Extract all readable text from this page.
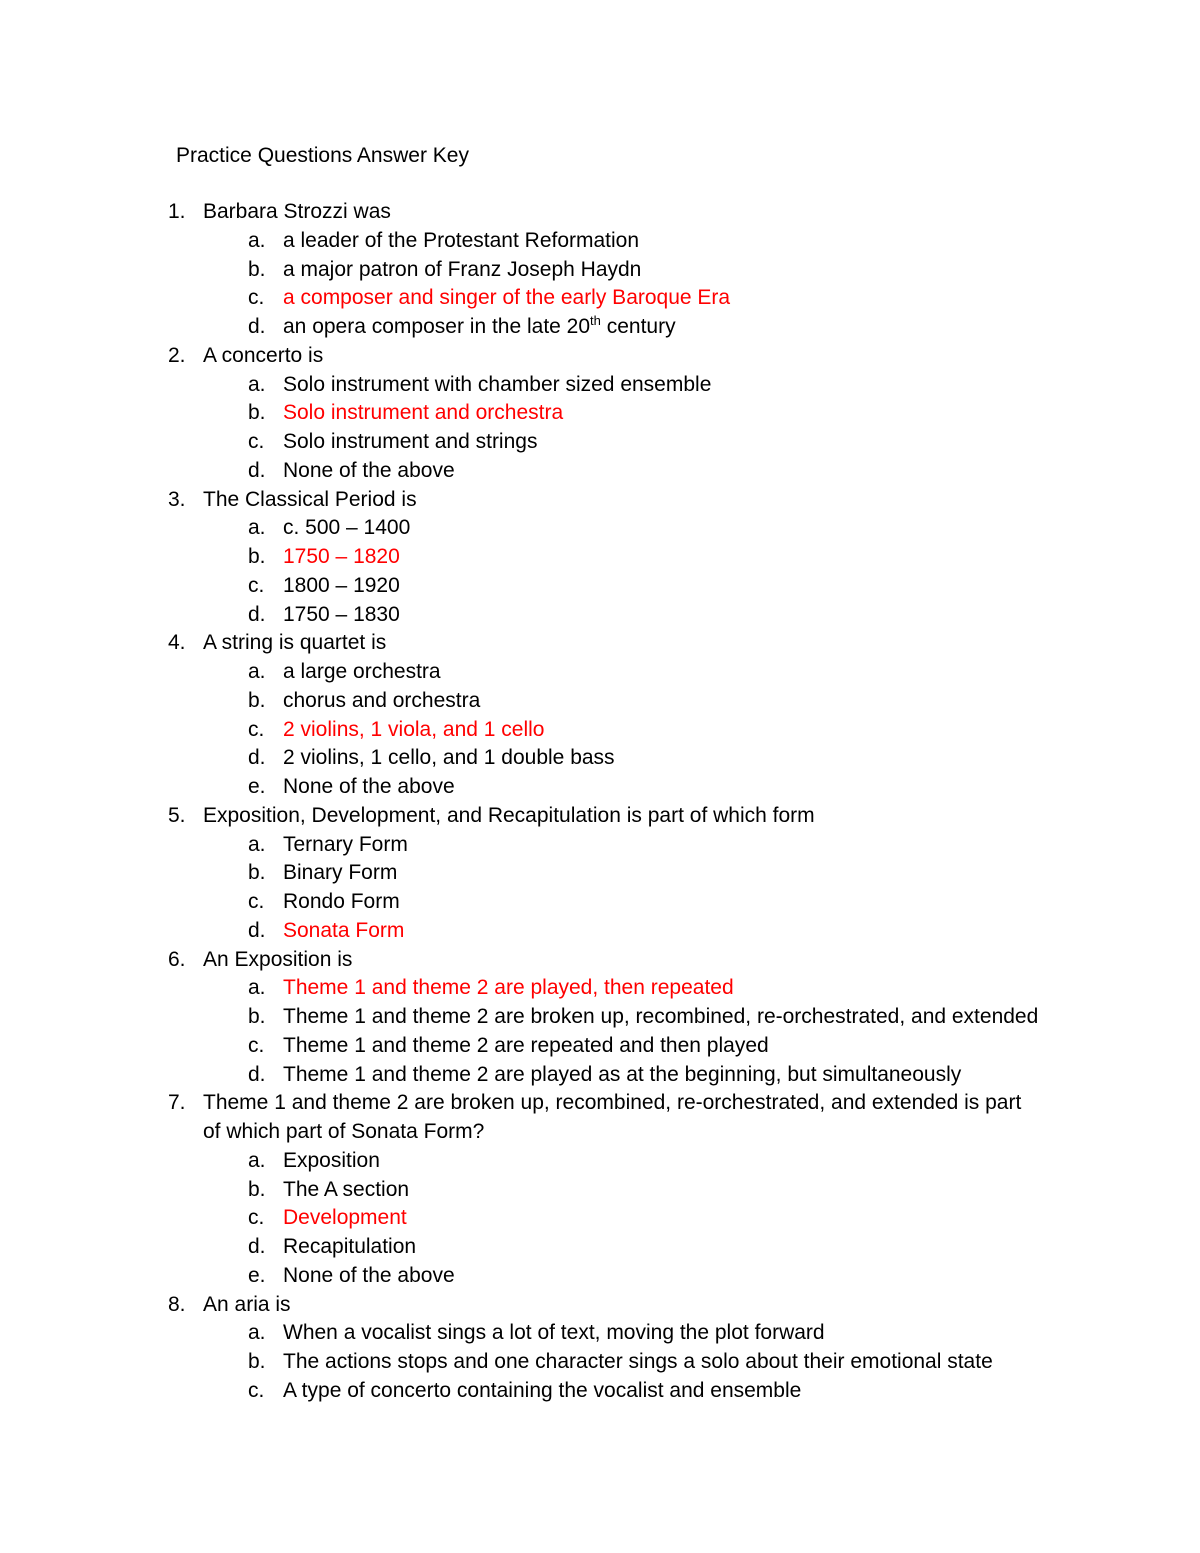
Practice Questions Answer Key
1. Barbara Strozzi was
a. a leader of the Protestant Reformation
b. a major patron of Franz Joseph Haydn
c. a composer and singer of the early Baroque Era
d. an opera composer in the late 20th century
2. A concerto is
a. Solo instrument with chamber sized ensemble
b. Solo instrument and orchestra
c. Solo instrument and strings
d. None of the above
3. The Classical Period is
a. c. 500 – 1400
b. 1750 – 1820
c. 1800 – 1920
d. 1750 – 1830
4. A string is quartet is
a. a large orchestra
b. chorus and orchestra
c. 2 violins, 1 viola, and 1 cello
d. 2 violins, 1 cello, and 1 double bass
e. None of the above
5. Exposition, Development, and Recapitulation is part of which form
a. Ternary Form
b. Binary Form
c. Rondo Form
d. Sonata Form
6. An Exposition is
a. Theme 1 and theme 2 are played, then repeated
b. Theme 1 and theme 2 are broken up, recombined, re-orchestrated, and extended
c. Theme 1 and theme 2 are repeated and then played
d. Theme 1 and theme 2 are played as at the beginning, but simultaneously
7. Theme 1 and theme 2 are broken up, recombined, re-orchestrated, and extended is part
of which part of Sonata Form?
a. Exposition
b. The A section
c. Development
d. Recapitulation
e. None of the above
8. An aria is
a. When a vocalist sings a lot of text, moving the plot forward
b. The actions stops and one character sings a solo about their emotional state
c. A type of concerto containing the vocalist and ensemble
